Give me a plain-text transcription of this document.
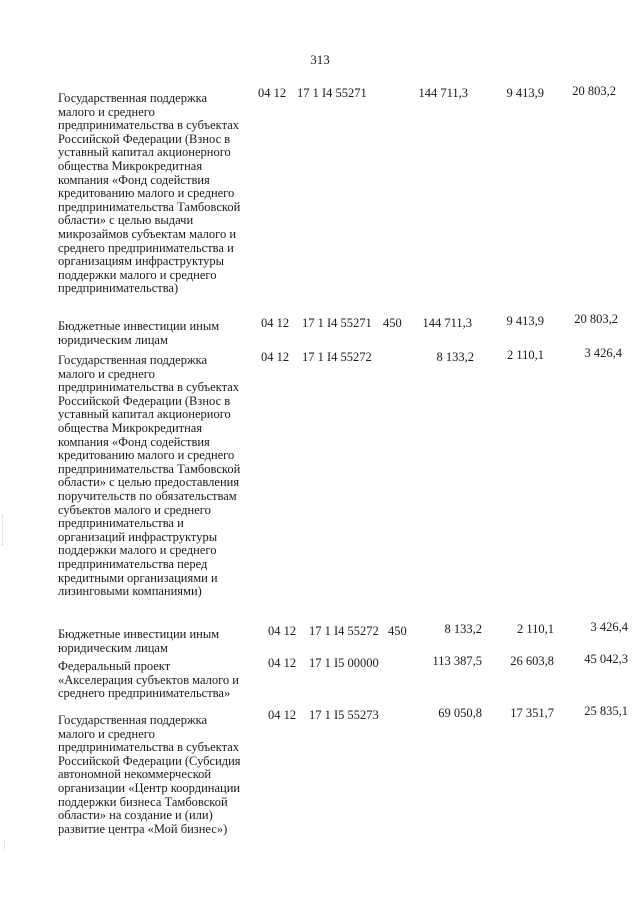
313
Государственная поддержка
малого и среднего
предпринимательства в субъектах
Российской Федерации (Взнос в
уставный капитал акционерного
общества Микрокредитная
компания «Фонд содействия
кредитованию малого и среднего
предпринимательства Тамбовской
области» с целью выдачи
микрозаймов субъектам малого и
среднего предпринимательства и
организациям инфраструктуры
поддержки малого и среднего
предпринимательства)
04 12 17 1 I4 55271	144 711,3	9 413,9 20 803,2
Бюджетные инвестиции иным
юридическим лицам
04 12 17 1 I4 55271 450 144 711,3	9 413,9 20 803,2
Государственная поддержка
малого и среднего
предпринимательства в субъектах
Российской Федерации (Взнос в
уставный капитал акционериого
общества Микрокредитная
компания «Фонд содействия
кредитованию малого и среднего
предпринимательства Тамбовской
области» с целью предоставления
поручительств по обязательствам
субъектов малого и среднего
предпринимательства и
организаций инфраструктуры
поддержки малого и среднего
предпринимательства перед
кредитными организациями и
лизинговыми компаниями)
04 12 17 1 I4 55272	8 133,2	2 110,1	3 426,4
Бюджетные инвестиции иным
юридическим лицам
04 12 17 1 I4 55272 450	8 133,2	2 110,1	3 426,4
Федеральный проект
«Акселерация субъектов малого и
среднего предпринимательства»
04 12 17 1 I5 00000	113 387,5 26 603,8 45 042,3
Государственная поддержка
малого и среднего
предпринимательства в субъектах
Российской Федерации (Субсидия
автономной некоммерческой
организации «Центр координации
поддержки бизнеса Тамбовской
области» на создание и (или)
развитие центра «Мой бизнес»)
04 12 17 1 I5 55273	69 050,8 17 351,7 25 835,1
